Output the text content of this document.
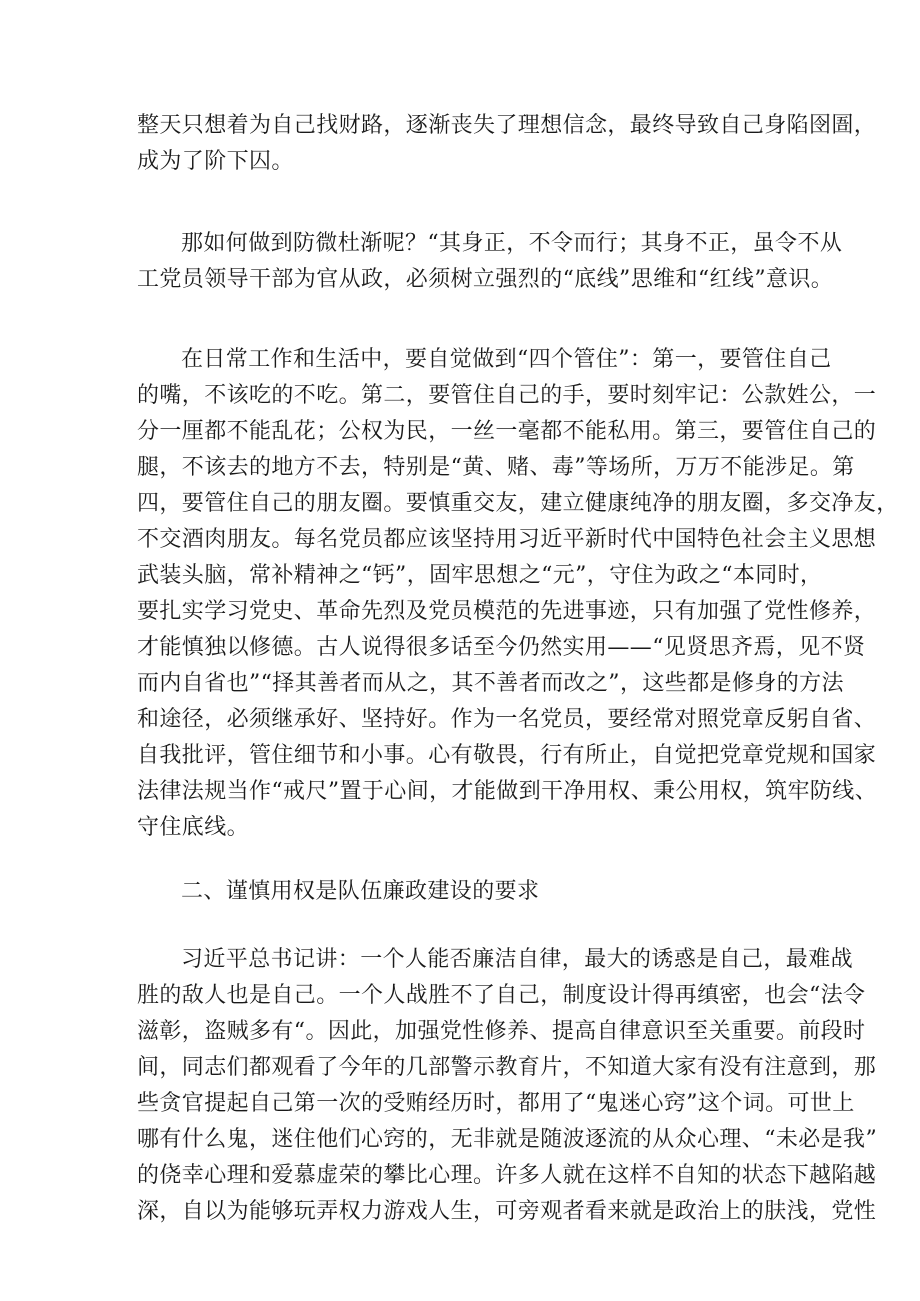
整天只想着为自己找财路，逐渐丧失了理想信念，最终导致自己身陷囹圄，

成为了阶下囚。

那如何做到防微杜渐呢？“其身正，不令而行；其身不正，虽令不从

工党员领导干部为官从政，必须树立强烈的“底线”思维和“红线”意识。

在日常工作和生活中，要自觉做到“四个管住”：第一，要管住自己

的嘴，不该吃的不吃。第二，要管住自己的手，要时刻牢记：公款姓公，一

分一厘都不能乱花；公权为民，一丝一毫都不能私用。第三，要管住自己的

腿，不该去的地方不去，特别是“黄、赌、毒”等场所，万万不能涉足。第

四，要管住自己的朋友圈。要慎重交友，建立健康纯净的朋友圈，多交净友，

不交酒肉朋友。每名党员都应该坚持用习近平新时代中国特色社会主义思想

武装头脑，常补精神之“钙”，固牢思想之“元”，守住为政之“本同时，

要扎实学习党史、革命先烈及党员模范的先进事迹，只有加强了党性修养，

才能慎独以修德。古人说得很多话至今仍然实用——“见贤思齐焉，见不贤

而内自省也”“择其善者而从之，其不善者而改之”，这些都是修身的方法

和途径，必须继承好、坚持好。作为一名党员，要经常对照党章反躬自省、

自我批评，管住细节和小事。心有敬畏，行有所止，自觉把党章党规和国家

法律法规当作“戒尺”置于心间，才能做到干净用权、秉公用权，筑牢防线、

守住底线。

二、谨慎用权是队伍廉政建设的要求

习近平总书记讲：一个人能否廉洁自律，最大的诱惑是自己，最难战

胜的敌人也是自己。一个人战胜不了自己，制度设计得再缜密，也会“法令

滋彰，盗贼多有“。因此，加强党性修养、提高自律意识至关重要。前段时

间，同志们都观看了今年的几部警示教育片，不知道大家有没有注意到，那

些贪官提起自己第一次的受贿经历时，都用了“鬼迷心窍”这个词。可世上

哪有什么鬼，迷住他们心窍的，无非就是随波逐流的从众心理、“未必是我”

的侥幸心理和爱慕虚荣的攀比心理。许多人就在这样不自知的状态下越陷越

深，自以为能够玩弄权力游戏人生，可旁观者看来就是政治上的肤浅，党性
